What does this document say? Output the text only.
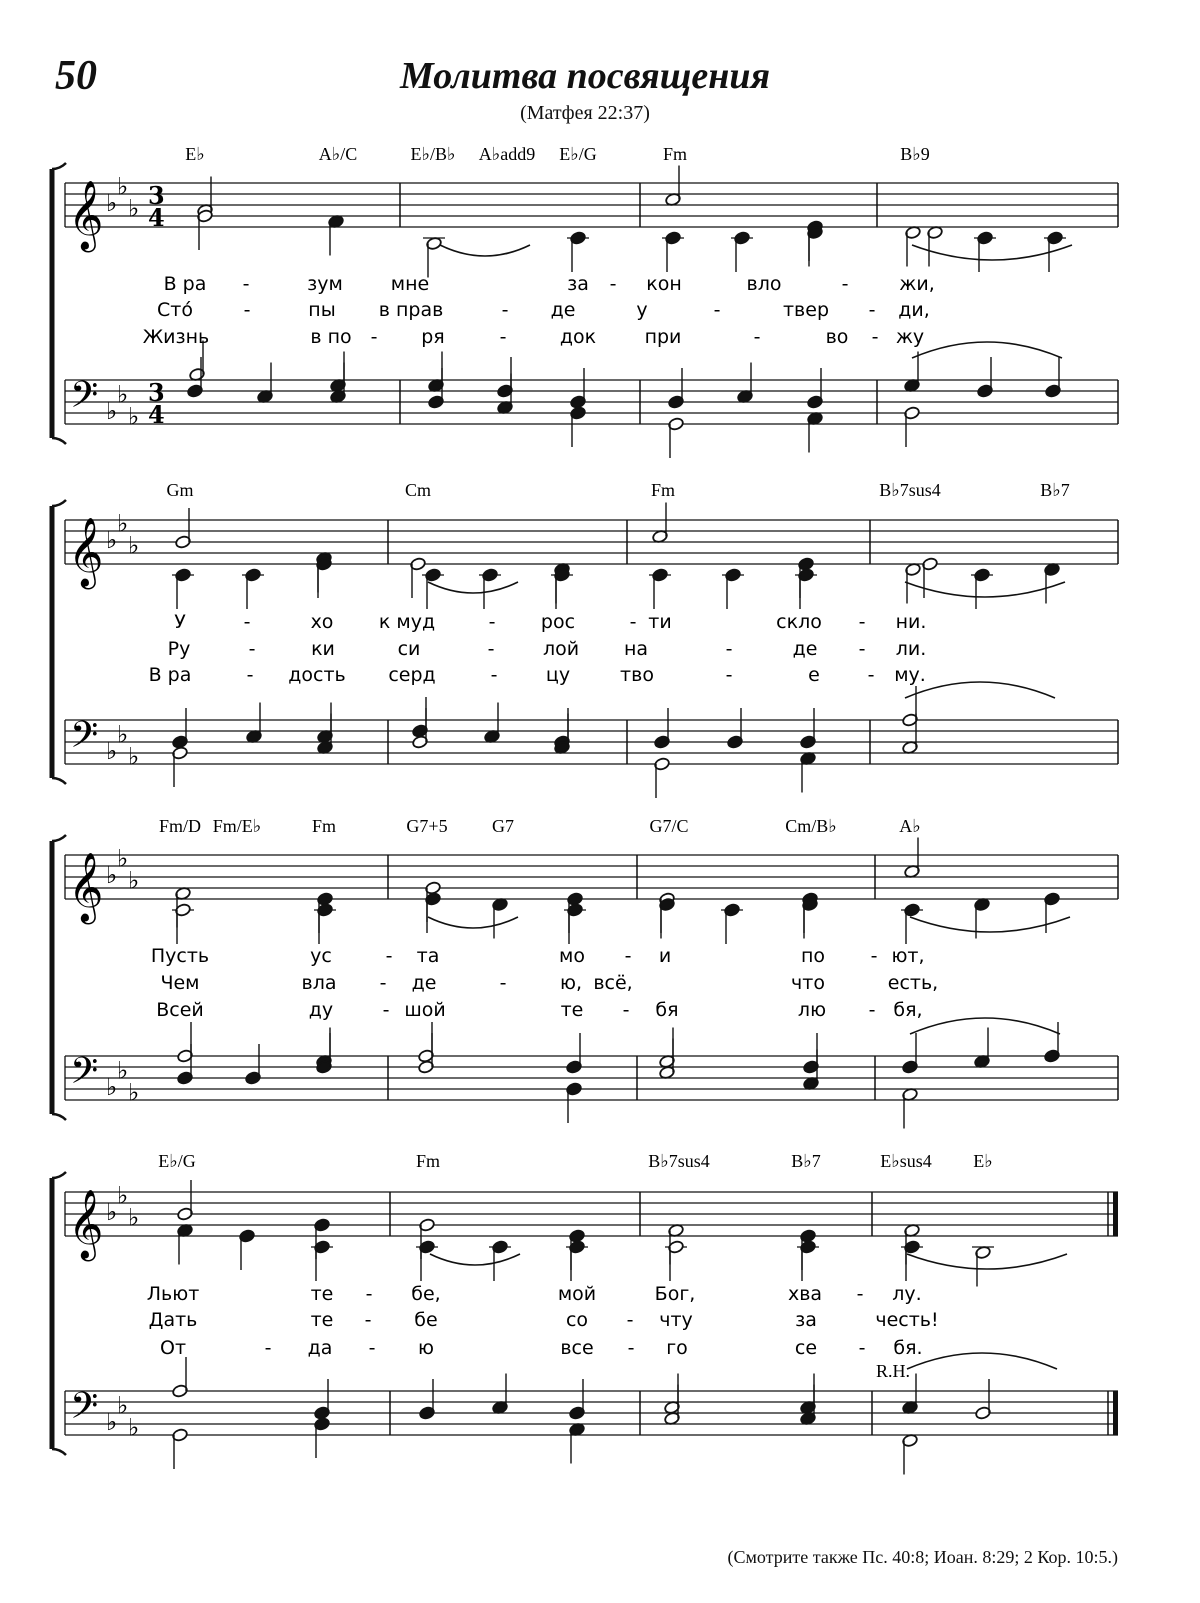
50	Молитва посвящения
(Матфея 22:37)
𝄞
𝄢
♭
♭
♭
♭
♭
♭
3
4
3
4
E♭	A♭/C	E♭/B♭ A♭add9 E♭/G	Fm	B♭9
В ра -	зум	мне	за - кон	вло	-	жи,
Сто́	-	пы в прав	- де	у	-	твер - ди,
Жизнь	в по - ря	-	док	при	-	во - жу
𝄞
𝄢
♭
♭
♭
♭
♭
♭
Gm	Cm	Fm	B♭7sus4	B♭7
У	-	хо к муд	- рос	- ти	скло - ни.
Ру	-	ки	си	-	лой на	-	де - ли.
В ра	- дость серд	-	цу	тво	-	е	- му.
𝄞
𝄢
♭
♭
♭
♭
♭
♭
Fm/D Fm/E♭	Fm	G7+5 G7	G7/C	Cm/B♭	A♭
Пусть	ус	- та	мо - и	по - ют,
Чем	вла - де	-	ю, всё,	что	есть,
Всей	ду	- шой	те - бя	лю - бя,
𝄞
𝄢
♭
♭
♭
♭
♭
♭
E♭/G	Fm	B♭7sus4	B♭7	E♭sus4 E♭
Льют	те - бе,	мой	Бог,	хва - лу.
Дать	те - бе	со - чту	за	честь!
От	- да - ю	все - го	се - бя.
R.H.
(Смотрите также Пс. 40:8; Иоан. 8:29; 2 Кор. 10:5.)
